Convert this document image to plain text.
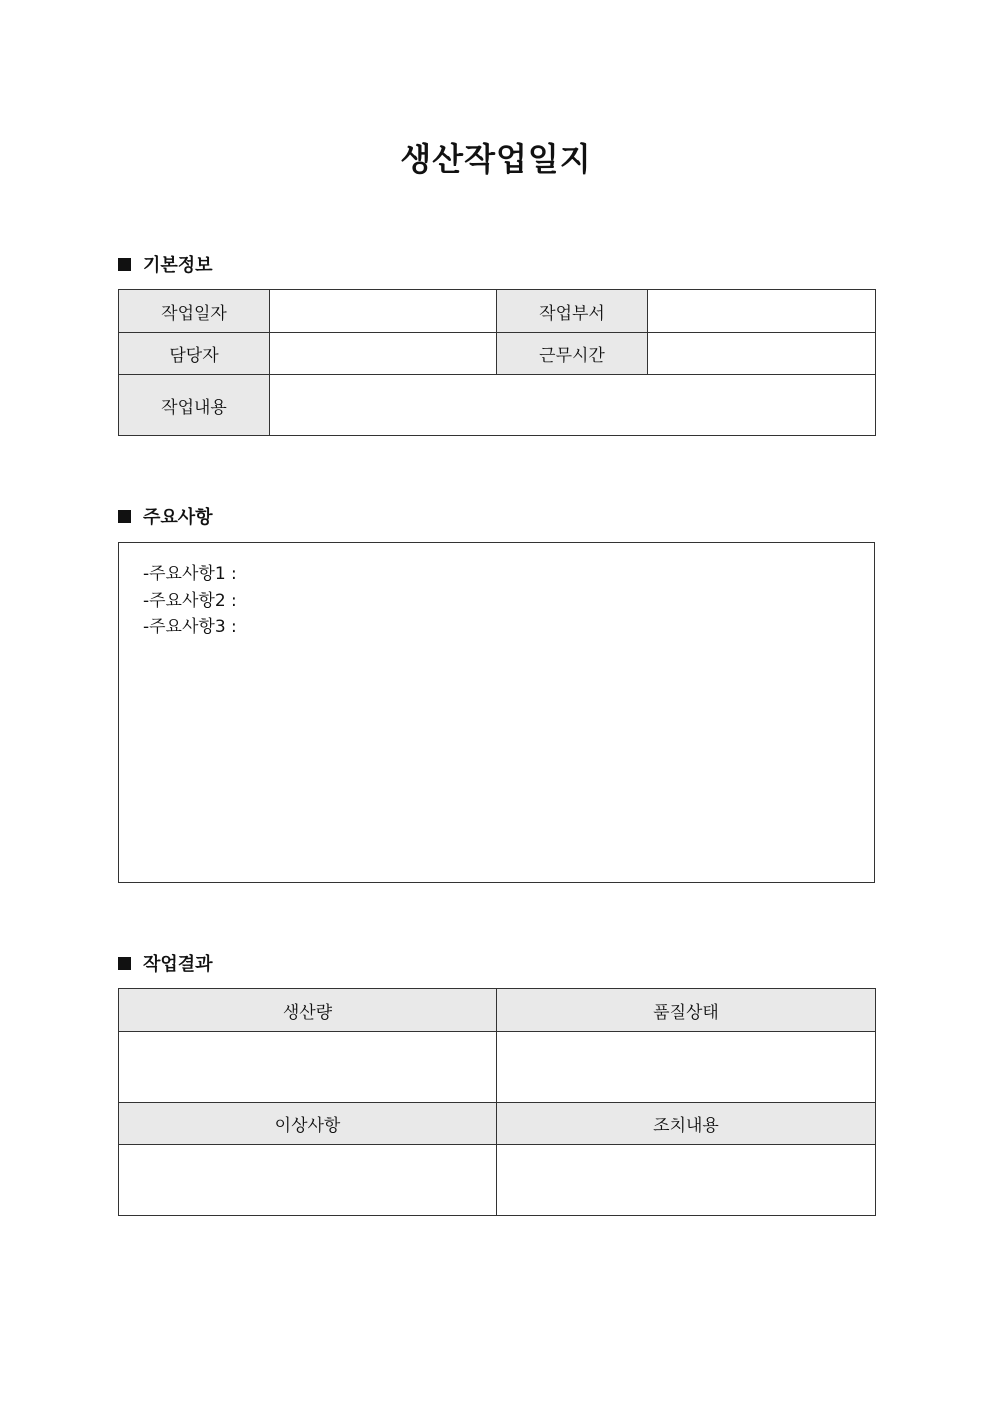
생산작업일지
기본정보
작업일자		작업부서	
담당자		근무시간	
작업내용			
주요사항
-주요사항1 :
-주요사항2 :
-주요사항3 :
작업결과
생산량	품질상태

이상사항	조치내용
